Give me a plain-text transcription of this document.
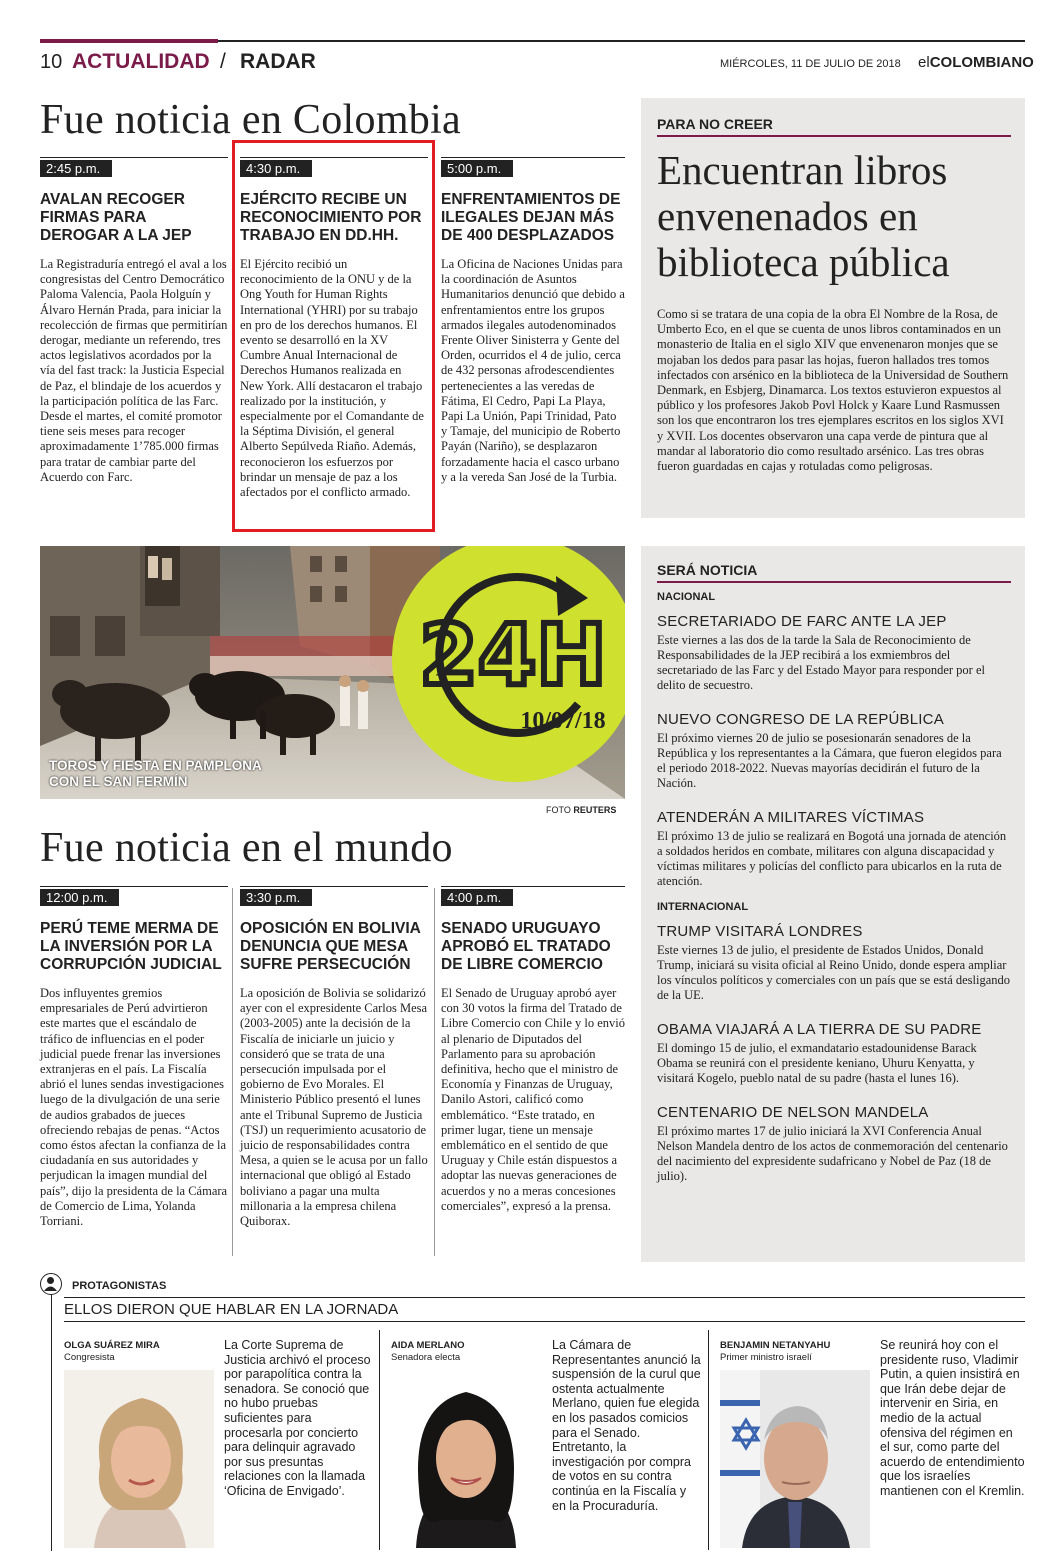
10 ACTUALIDAD / RADAR	MIÉRCOLES, 11 DE JULIO DE 2018 elCOLOMBIANO
Fue noticia en Colombia
2:45 p.m.
AVALAN RECOGER FIRMAS PARA DEROGAR A LA JEP
La Registraduría entregó el aval a los congresistas del Centro Democrático Paloma Valencia, Paola Holguín y Álvaro Hernán Prada, para iniciar la recolección de firmas que permitirían derogar, mediante un referendo, tres actos legislativos acordados por la vía del fast track: la Justicia Especial de Paz, el blindaje de los acuerdos y la participación política de las Farc. Desde el martes, el comité promotor tiene seis meses para recoger aproximadamente 1’785.000 firmas para tratar de cambiar parte del Acuerdo con Farc.
4:30 p.m.
EJÉRCITO RECIBE UN RECONOCIMIENTO POR TRABAJO EN DD.HH.
El Ejército recibió un reconocimiento de la ONU y de la Ong Youth for Human Rights International (YHRI) por su trabajo en pro de los derechos humanos. El evento se desarrolló en la XV Cumbre Anual Internacional de Derechos Humanos realizada en New York. Allí destacaron el trabajo realizado por la institución, y especialmente por el Comandante de la Séptima División, el general Alberto Sepúlveda Riaño. Además, reconocieron los esfuerzos por brindar un mensaje de paz a los afectados por el conflicto armado.
5:00 p.m.
ENFRENTAMIENTOS DE ILEGALES DEJAN MÁS DE 400 DESPLAZADOS
La Oficina de Naciones Unidas para la coordinación de Asuntos Humanitarios denunció que debido a enfrentamientos entre los grupos armados ilegales autodenominados Frente Oliver Sinisterra y Gente del Orden, ocurridos el 4 de julio, cerca de 432 personas afrodescendientes pertenecientes a las veredas de Fátima, El Cedro, Papi La Playa, Papi La Unión, Papi Trinidad, Pato y Tamaje, del municipio de Roberto Payán (Nariño), se desplazaron forzadamente hacia el casco urbano y a la vereda San José de la Turbia.
PARA NO CREER
Encuentran libros envenenados en biblioteca pública
Como si se tratara de una copia de la obra El Nombre de la Rosa, de Umberto Eco, en el que se cuenta de unos libros contaminados en un monasterio de Italia en el siglo XIV que envenenaron monjes que se mojaban los dedos para pasar las hojas, fueron hallados tres tomos infectados con arsénico en la biblioteca de la Universidad de Southern Denmark, en Esbjerg, Dinamarca. Los textos estuvieron expuestos al público y los profesores Jakob Povl Holck y Kaare Lund Rasmussen son los que encontraron los tres ejemplares escritos en los siglos XVI y XVII. Los docentes observaron una capa verde de pintura que al mandar al laboratorio dio como resultado arsénico. Las tres obras fueron guardadas en cajas y rotuladas como peligrosas.
24H
10/07/18
TOROS Y FIESTA EN PAMPLONA
CON EL SAN FERMÍN
FOTO REUTERS
Fue noticia en el mundo
12:00 p.m.
PERÚ TEME MERMA DE LA INVERSIÓN POR LA CORRUPCIÓN JUDICIAL
Dos influyentes gremios empresariales de Perú advirtieron este martes que el escándalo de tráfico de influencias en el poder judicial puede frenar las inversiones extranjeras en el país. La Fiscalía abrió el lunes sendas investigaciones luego de la divulgación de una serie de audios grabados de jueces ofreciendo rebajas de penas. “Actos como éstos afectan la confianza de la ciudadanía en sus autoridades y perjudican la imagen mundial del país”, dijo la presidenta de la Cámara de Comercio de Lima, Yolanda Torriani.
3:30 p.m.
OPOSICIÓN EN BOLIVIA DENUNCIA QUE MESA SUFRE PERSECUCIÓN
La oposición de Bolivia se solidarizó ayer con el expresidente Carlos Mesa (2003-2005) ante la decisión de la Fiscalía de iniciarle un juicio y consideró que se trata de una persecución impulsada por el gobierno de Evo Morales. El Ministerio Público presentó el lunes ante el Tribunal Supremo de Justicia (TSJ) un requerimiento acusatorio de juicio de responsabilidades contra Mesa, a quien se le acusa por un fallo internacional que obligó al Estado boliviano a pagar una multa millonaria a la empresa chilena Quiborax.
4:00 p.m.
SENADO URUGUAYO APROBÓ EL TRATADO DE LIBRE COMERCIO
El Senado de Uruguay aprobó ayer con 30 votos la firma del Tratado de Libre Comercio con Chile y lo envió al plenario de Diputados del Parlamento para su aprobación definitiva, hecho que el ministro de Economía y Finanzas de Uruguay, Danilo Astori, calificó como emblemático. “Este tratado, en primer lugar, tiene un mensaje emblemático en el sentido de que Uruguay y Chile están dispuestos a adoptar las nuevas generaciones de acuerdos y no a meras concesiones comerciales”, expresó a la prensa.
SERÁ NOTICIA
NACIONAL
SECRETARIADO DE FARC ANTE LA JEP
Este viernes a las dos de la tarde la Sala de Reconocimiento de Responsabilidades de la JEP recibirá a los exmiembros del secretariado de las Farc y del Estado Mayor para responder por el delito de secuestro.
NUEVO CONGRESO DE LA REPÚBLICA
El próximo viernes 20 de julio se posesionarán senadores de la República y los representantes a la Cámara, que fueron elegidos para el periodo 2018-2022. Nuevas mayorías decidirán el futuro de la Nación.
ATENDERÁN A MILITARES VÍCTIMAS
El próximo 13 de julio se realizará en Bogotá una jornada de atención a soldados heridos en combate, militares con alguna discapacidad y víctimas militares y policías del conflicto para ubicarlos en la ruta de atención.
INTERNACIONAL
TRUMP VISITARÁ LONDRES
Este viernes 13 de julio, el presidente de Estados Unidos, Donald Trump, iniciará su visita oficial al Reino Unido, donde espera ampliar los vínculos políticos y comerciales con un país que se está desligando de la UE.
OBAMA VIAJARÁ A LA TIERRA DE SU PADRE
El domingo 15 de julio, el exmandatario estadounidense Barack Obama se reunirá con el presidente keniano, Uhuru Kenyatta, y visitará Kogelo, pueblo natal de su padre (hasta el lunes 16).
CENTENARIO DE NELSON MANDELA
El próximo martes 17 de julio iniciará la XVI Conferencia Anual Nelson Mandela dentro de los actos de conmemoración del centenario del nacimiento del expresidente sudafricano y Nobel de Paz (18 de julio).
PROTAGONISTAS
ELLOS DIERON QUE HABLAR EN LA JORNADA
OLGA SUÁREZ MIRA
Congresista
La Corte Suprema de Justicia archivó el proceso por parapolítica contra la senadora. Se conoció que no hubo pruebas suficientes para procesarla por concierto para delinquir agravado por sus presuntas relaciones con la llamada ‘Oficina de Envigado’.
AIDA MERLANO
Senadora electa
La Cámara de Representantes anunció la suspensión de la curul que ostenta actualmente Merlano, quien fue elegida en los pasados comicios para el Senado. Entretanto, la investigación por compra de votos en su contra continúa en la Fiscalía y en la Procuraduría.
BENJAMIN NETANYAHU
Primer ministro israelí
Se reunirá hoy con el presidente ruso, Vladimir Putin, a quien insistirá en que Irán debe dejar de intervenir en Siria, en medio de la actual ofensiva del régimen en el sur, como parte del acuerdo de entendimiento que los israelíes mantienen con el Kremlin.
